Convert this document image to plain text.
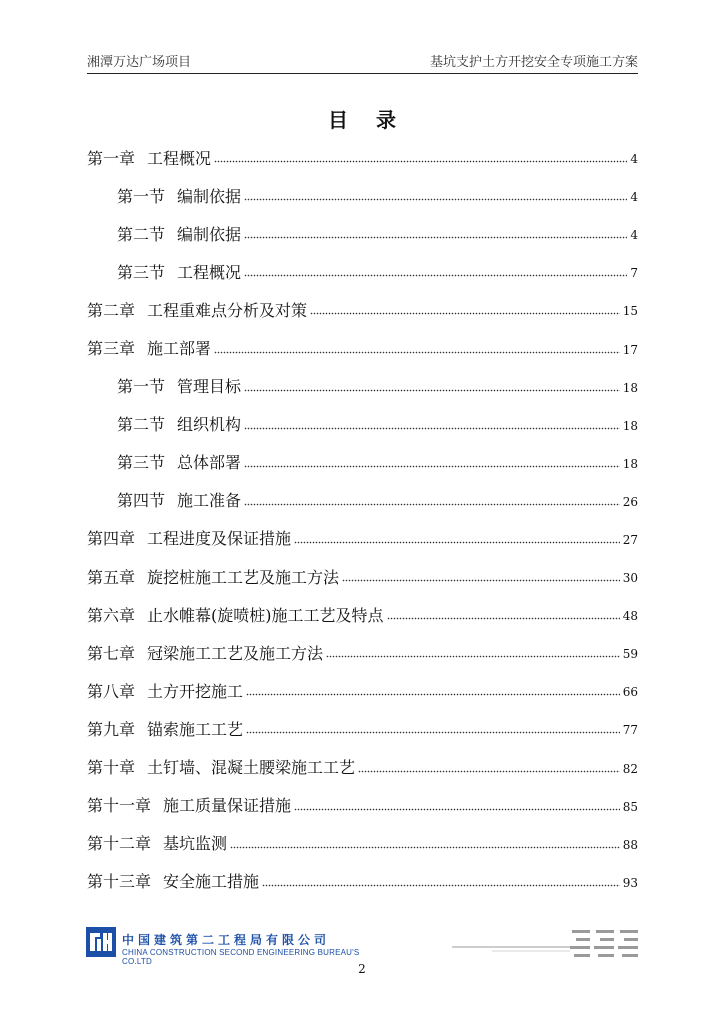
湘潭万达广场项目	基坑支护土方开挖安全专项施工方案
目录
第一章 工程概况	4
第一节 编制依据	4
第二节 编制依据	4
第三节 工程概况	7
第二章 工程重难点分析及对策	15
第三章 施工部署	17
第一节 管理目标	18
第二节 组织机构	18
第三节 总体部署	18
第四节 施工准备	26
第四章 工程进度及保证措施	27
第五章 旋挖桩施工工艺及施工方法	30
第六章 止水帷幕(旋喷桩)施工工艺及特点	48
第七章 冠梁施工工艺及施工方法	59
第八章 土方开挖施工	66
第九章 锚索施工工艺	77
第十章 土钉墙、混凝土腰梁施工工艺	82
第十一章 施工质量保证措施	85
第十二章 基坑监测	88
第十三章 安全施工措施	93
中国建筑第二工程局有限公司
CHINA CONSTRUCTION SECOND ENGINEERING BUREAU'S CO.LTD
2
